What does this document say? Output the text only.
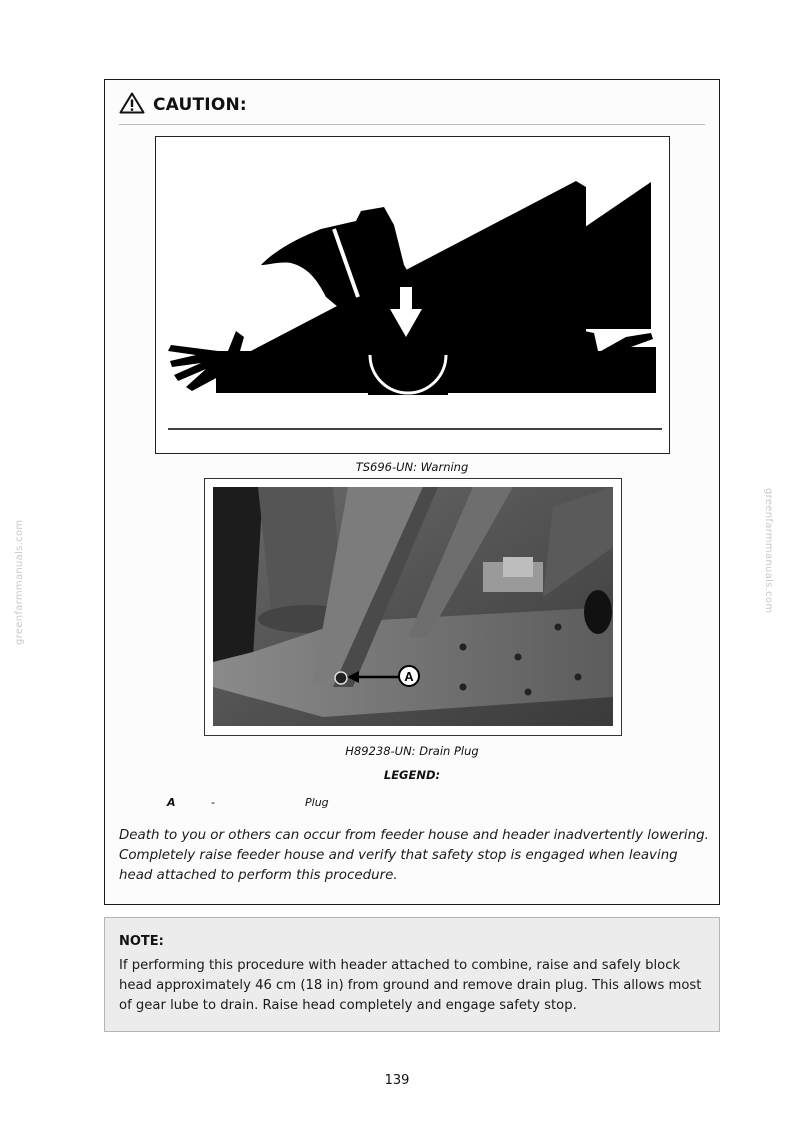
greenfarmmanuals.com	greenfarmmanuals.com
CAUTION:
TS696-UN: Warning
A
H89238-UN: Drain Plug
LEGEND:
A	-	Plug
Death to you or others can occur from feeder house and header inadvertently lowering. Completely raise feeder house and verify that safety stop is engaged when leaving head attached to perform this procedure.
NOTE:
If performing this procedure with header attached to combine, raise and safely block head approximately 46 cm (18 in) from ground and remove drain plug. This allows most of gear lube to drain. Raise head completely and engage safety stop.
139
